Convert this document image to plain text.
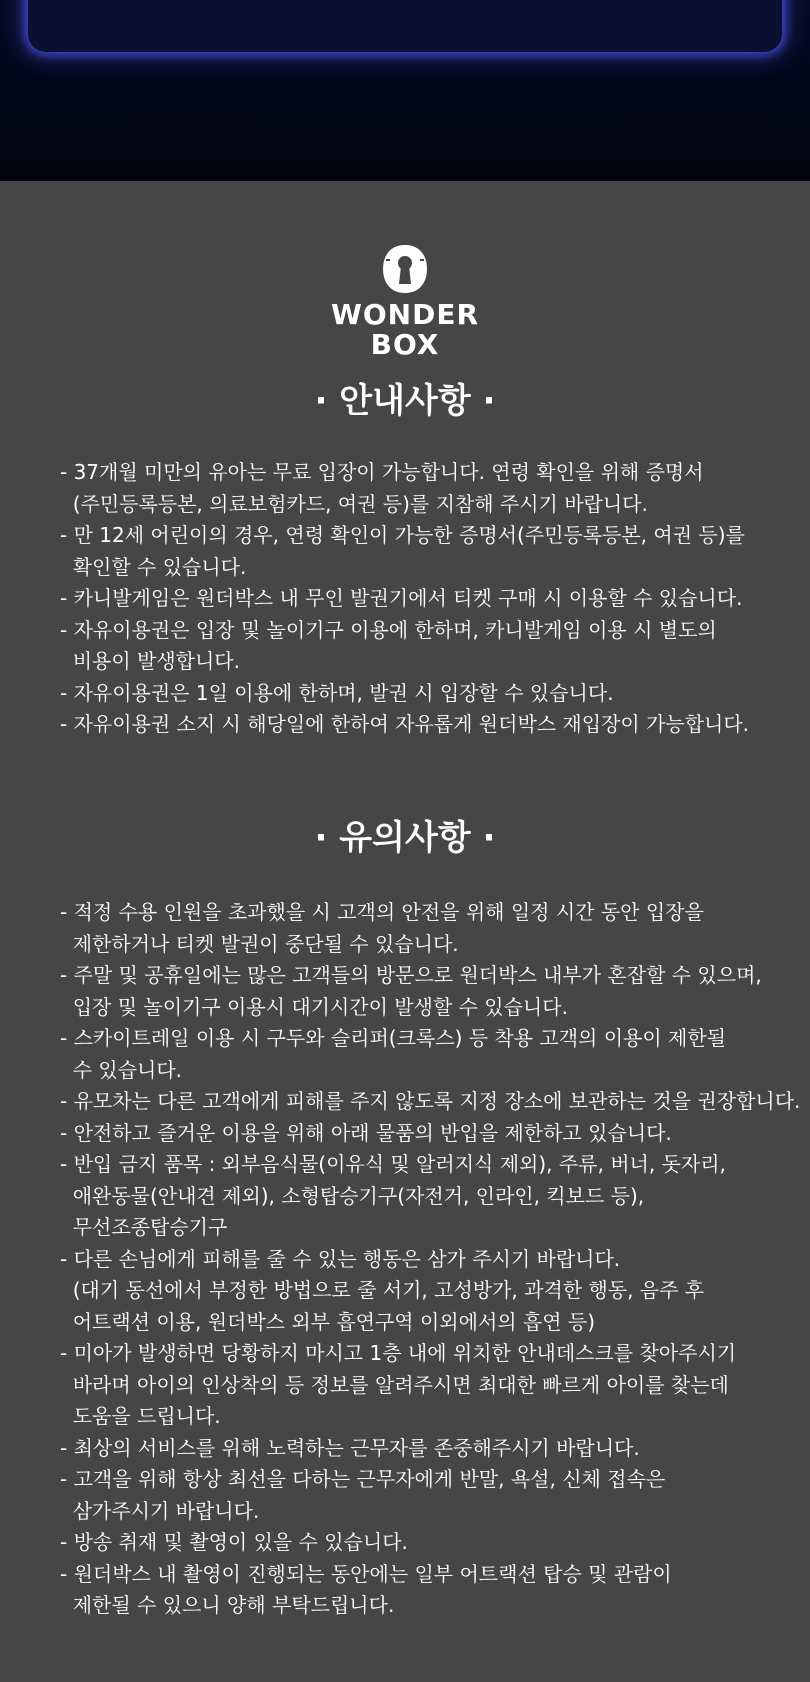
WONDER
BOX
· 안내사항 ·
- 37개월 미만의 유아는 무료 입장이 가능합니다. 연령 확인을 위해 증명서
(주민등록등본, 의료보험카드, 여권 등)를 지참해 주시기 바랍니다.
- 만 12세 어린이의 경우, 연령 확인이 가능한 증명서(주민등록등본, 여권 등)를
확인할 수 있습니다.
- 카니발게임은 원더박스 내 무인 발권기에서 티켓 구매 시 이용할 수 있습니다.
- 자유이용권은 입장 및 놀이기구 이용에 한하며, 카니발게임 이용 시 별도의
비용이 발생합니다.
- 자유이용권은 1일 이용에 한하며, 발권 시 입장할 수 있습니다.
- 자유이용권 소지 시 해당일에 한하여 자유롭게 원더박스 재입장이 가능합니다.
· 유의사항 ·
- 적정 수용 인원을 초과했을 시 고객의 안전을 위해 일정 시간 동안 입장을
제한하거나 티켓 발권이 중단될 수 있습니다.
- 주말 및 공휴일에는 많은 고객들의 방문으로 원더박스 내부가 혼잡할 수 있으며,
입장 및 놀이기구 이용시 대기시간이 발생할 수 있습니다.
- 스카이트레일 이용 시 구두와 슬리퍼(크록스) 등 착용 고객의 이용이 제한될
수 있습니다.
- 유모차는 다른 고객에게 피해를 주지 않도록 지정 장소에 보관하는 것을 권장합니다.
- 안전하고 즐거운 이용을 위해 아래 물품의 반입을 제한하고 있습니다.
- 반입 금지 품목 : 외부음식물(이유식 및 알러지식 제외), 주류, 버너, 돗자리,
애완동물(안내견 제외), 소형탑승기구(자전거, 인라인, 킥보드 등),
무선조종탑승기구
- 다른 손님에게 피해를 줄 수 있는 행동은 삼가 주시기 바랍니다.
(대기 동선에서 부정한 방법으로 줄 서기, 고성방가, 과격한 행동, 음주 후
어트랙션 이용, 원더박스 외부 흡연구역 이외에서의 흡연 등)
- 미아가 발생하면 당황하지 마시고 1층 내에 위치한 안내데스크를 찾아주시기
바라며 아이의 인상착의 등 정보를 알려주시면 최대한 빠르게 아이를 찾는데
도움을 드립니다.
- 최상의 서비스를 위해 노력하는 근무자를 존중해주시기 바랍니다.
- 고객을 위해 항상 최선을 다하는 근무자에게 반말, 욕설, 신체 접속은
삼가주시기 바랍니다.
- 방송 취재 및 촬영이 있을 수 있습니다.
- 원더박스 내 촬영이 진행되는 동안에는 일부 어트랙션 탑승 및 관람이
제한될 수 있으니 양해 부탁드립니다.
